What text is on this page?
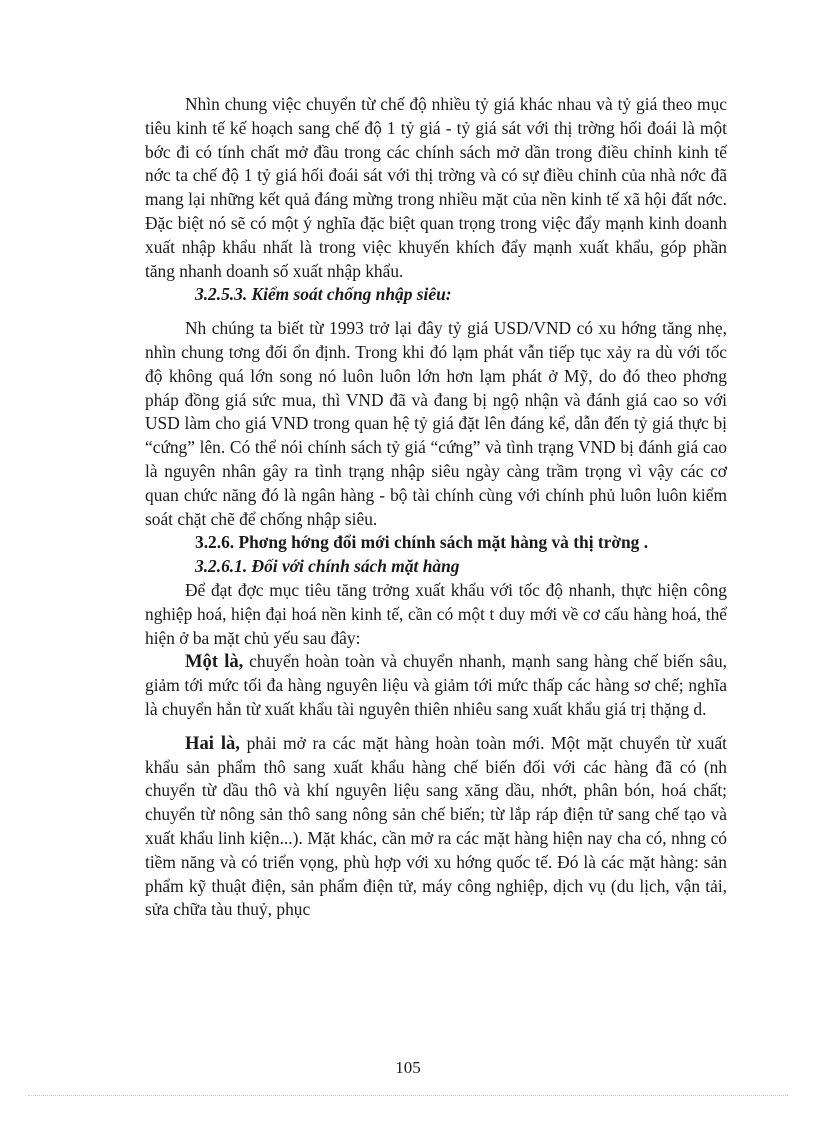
Nhìn chung việc chuyển từ chế độ nhiều tỷ giá khác nhau và tỷ giá theo mục tiêu kinh tế kế hoạch sang chế độ 1 tỷ giá - tỷ giá sát với thị trờng hối đoái là một bớc đi có tính chất mở đầu trong các chính sách mở dần trong điều chỉnh kinh tế nớc ta chế độ 1 tỷ giá hối đoái sát với thị trờng và có sự điều chỉnh của nhà nớc đã mang lại những kết quả đáng mừng trong nhiều mặt của nền kinh tế xã hội đất nớc. Đặc biệt nó sẽ có một ý nghĩa đặc biệt quan trọng trong việc đẩy mạnh kinh doanh xuất nhập khẩu nhất là trong việc khuyến khích đẩy mạnh xuất khẩu, góp phần tăng nhanh doanh số xuất nhập khẩu.

3.2.5.3. Kiểm soát chống nhập siêu:

Nh chúng ta biết từ 1993 trở lại đây tỷ giá USD/VND có xu hớng tăng nhẹ, nhìn chung tơng đối ổn định. Trong khi đó lạm phát vẫn tiếp tục xảy ra dù với tốc độ không quá lớn song nó luôn luôn lớn hơn lạm phát ở Mỹ, do đó theo phơng pháp đồng giá sức mua, thì VND đã và đang bị ngộ nhận và đánh giá cao so với USD làm cho giá VND trong quan hệ tỷ giá đặt lên đáng kể, dẫn đến tỷ giá thực bị “cứng” lên. Có thể nói chính sách tỷ giá “cứng” và tình trạng VND bị đánh giá cao là nguyên nhân gây ra tình trạng nhập siêu ngày càng trầm trọng vì vậy các cơ quan chức năng đó là ngân hàng - bộ tài chính cùng với chính phủ luôn luôn kiểm soát chặt chẽ để chống nhập siêu.

3.2.6. Phơng hớng đổi mới chính sách mặt hàng và thị trờng .

3.2.6.1. Đối với chính sách mặt hàng

Để đạt đợc mục tiêu tăng trởng xuất khẩu với tốc độ nhanh, thực hiện công nghiệp hoá, hiện đại hoá nền kinh tế, cần có một t duy mới về cơ cấu hàng hoá, thể hiện ở ba mặt chủ yếu sau đây:

Một là, chuyển hoàn toàn và chuyển nhanh, mạnh sang hàng chế biến sâu, giảm tới mức tối đa hàng nguyên liệu và giảm tới mức thấp các hàng sơ chế; nghĩa là chuyển hẳn từ xuất khẩu tài nguyên thiên nhiêu sang xuất khẩu giá trị thặng d.

Hai là, phải mở ra các mặt hàng hoàn toàn mới. Một mặt chuyển từ xuất khẩu sản phẩm thô sang xuất khẩu hàng chế biến đối với các hàng đã có (nh chuyển từ dầu thô và khí nguyên liệu sang xăng dầu, nhớt, phân bón, hoá chất; chuyển từ nông sản thô sang nông sản chế biến; từ lắp ráp điện tử sang chế tạo và xuất khẩu linh kiện...). Mặt khác, cần mở ra các mặt hàng hiện nay cha có, nhng có tiềm năng và có triển vọng, phù hợp với xu hớng quốc tế. Đó là các mặt hàng: sản phẩm kỹ thuật điện, sản phẩm điện tử, máy công nghiệp, dịch vụ (du lịch, vận tải, sửa chữa tàu thuỷ, phục

105
